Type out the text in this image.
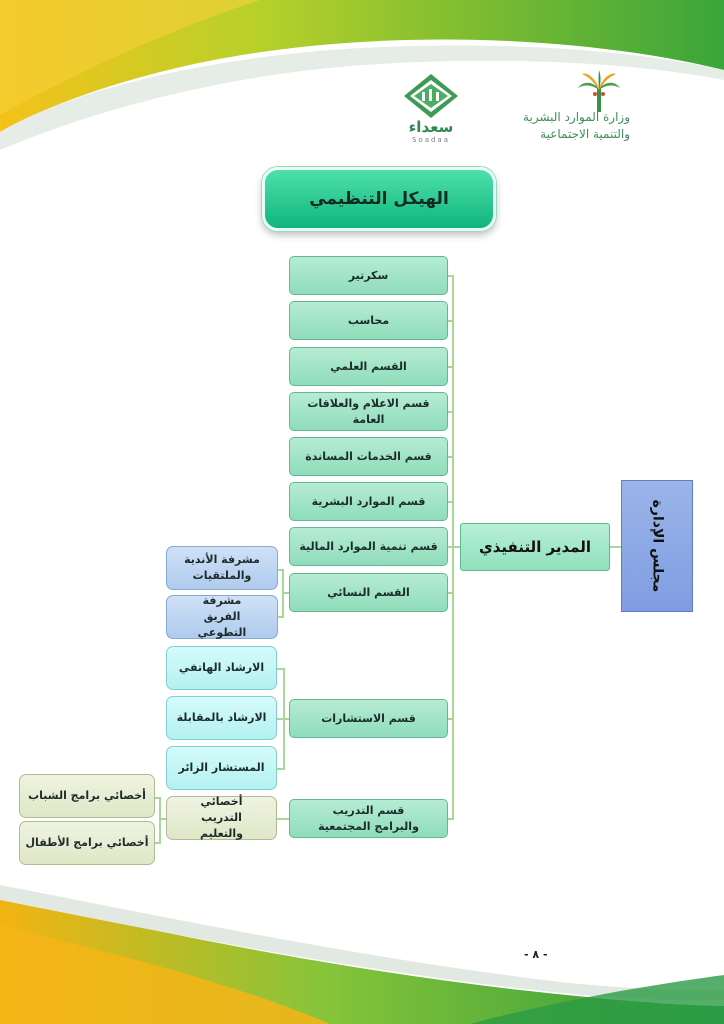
سعداء
Soadaa
وزارة الموارد البشرية
والتنمية الاجتماعية
الهيكل التنظيمي
مجلس الإدارة
المدير التنفيذي
سكرتير
محاسب
القسم العلمي
قسم الاعلام والعلاقات العامة
قسم الخدمات المساندة
قسم الموارد البشرية
قسم تنمية الموارد المالية
القسم النسائي
قسم الاستشارات
قسم التدريب والبرامج المجتمعية
مشرفة الأندية والملتقيات
مشرفة الفريق التطوعي
الارشاد الهاتفي
الارشاد بالمقابلة
المستشار الزائر
أخصائي التدريب والتعليم
أخصائي برامج الشباب
أخصائي برامج الأطفال
- ٨ -
